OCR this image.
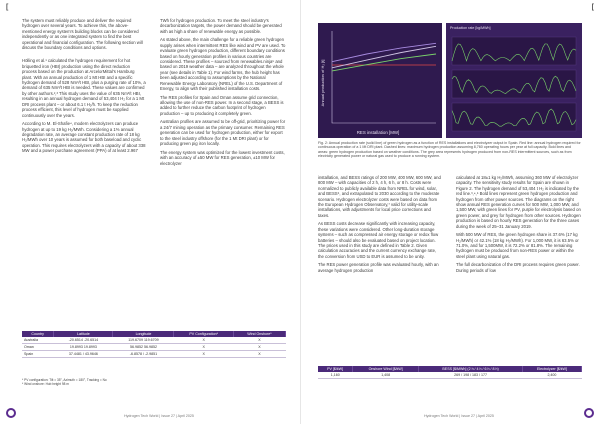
[

The system must reliably produce and deliver the required hydrogen over several years. To achieve this, the above-mentioned energy system's building blocks can be considered independently or as one integrated system to find the best operational and financial configuration. The following section will discuss the boundary conditions and options.

Hölling et al.¹ calculated the hydrogen requirement for hot briquetted iron (HBI) production using the direct reduction process based on the production at ArcelorMittal's Hamburg plant. With an annual production of 1 Mt HBI and a specific hydrogen demand of 528 Nm³/t HBI, plus a purging rate of 10%, a demand of 635 Nm³/t HBI is needed. These values are confirmed by other authors.²,³ This study uses the value of 635 Nm³/t HBI, resulting in an annual hydrogen demand of 53,404 t H₂ for a 1 Mt DRI process plant – or about 6.1 t H₂/h. To keep the reduction process efficient, this level of hydrogen must be supplied continuously over the years.

According to M. El-Shafie⁴, modern electrolyzers can produce hydrogen at up to 19 kg H₂/MWh. Considering a 1% annual degradation rate, an average constant production rate of 18 kg H₂/MWh over 10 years is assumed for both baseload and cyclic operation. This requires electrolyzers with a capacity of about 338 MW and a power purchase agreement (PPA) of at least 2.967

TWh for hydrogen production. To meet the steel industry's decarbonization targets, the power demand should be generated with as high a share of renewable energy as possible.

As stated above, the main challenge for a reliable green hydrogen supply arises when intermittent RES like wind and PV are used. To evaluate green hydrogen production, different boundary conditions based on hourly generation profiles in various countries are considered. These profiles – sourced from renewables.ninja⁵ and based on 2019 weather data – are analyzed throughout the whole year (see details in Table 1). For wind farms, the hub height has been adjusted according to assumptions by the National Renewable Energy Laboratory (NREL) of the U.S. Department of Energy, to align with their published installation costs.

The RES profiles for Spain and Oman assume grid connection, allowing the use of non-RES power. In a second stage, a BESS is added to further reduce the carbon footprint of hydrogen production – up to producing it completely green.

Australian profiles are assumed to be off-grid, prioritizing power for a 24/7 mining operation as the primary consumer. Remaining RES generation can be used for hydrogen production, either for export to the steel industry offshore (for the 1 Mt DRI plant) or for producing green pig iron locally.

The energy system was optimized for the lowest investment costs, with an accuracy of ±50 MW for RES generation, ±10 MW for electrolyzer

Country	Latitude	Longitude	PV Configuration*	Wind Onshore*
Australia	-20.6514 -20.6514	119.6709 119.6709	X	X
Oman	19.8993 19.8993	56.9852 56.9852	X	X
Spain	37.4481 / 43.9646	-6.8578 / -2.9851	X	X
* PV configuration: Tilt = 35°, Azimuth = 180°, Tracking = No
* Wind onshore: Hub height 98 m
Hydrogen Tech World | Issue 27 | April 2025
[
Annual production of H₂ [t]
RES installation [MW]
Production rate [kg/MWh]
Fig. 2: Annual production rate (solid line) of green hydrogen as a function of RES installations and electrolyzer output in Spain. Red line: annual hydrogen required for continuous operation of a 1 Mt DRI plant. Dashed lines: maximum hydrogen production assuming 8,760 operating hours per year at full capacity. Bold lines and areas: green hydrogen production based on weather conditions. The grey area represents hydrogen produced from non-RES intermittent sources, such as from electricity generated power or natural gas used to produce a running system.

installation, and BESS ratings of 200 MW, 400 MW, 600 MW, and 800 MW – with capacities of 2 h, 4 h, 6 h, or 8 h. Costs were normalized to publicly available data from NREL for wind, solar, and BESS⁶, and extrapolated to 2030 according to the moderate scenario. Hydrogen electrolyzer costs were based on data from the European Hydrogen Observatory,⁷ valid for utility-scale installations, with adjustments for local price corrections and taxes.

As BESS costs decrease significantly with increasing capacity, these variations were considered. Other long-duration storage systems – such as compressed air energy storage or redox flow batteries – should also be evaluated based on project location. The prices used in this study are defined in Table 2. Given calculation accuracies and the current currency exchange rate, the conversion from USD to EUR is assumed to be unity.

The RES power generation profile was evaluated hourly, with an average hydrogen production

calculated at 18±1 kg H₂/MWh, assuming 360 MW of electrolyzer capacity. The sensitivity study results for Spain are shown in Figure 2. The hydrogen demand of 53,404 t H₂ is indicated by the red line.³,⁴,⁵ Bold lines represent green hydrogen production and hydrogen from other power sources. The diagrams on the right show annual RES generation curves for 500 MW, 1,000 MW, and 1,500 MW, with green lines for PV, purple for electrolysis based on green power, and grey for hydrogen from other sources. Hydrogen production is based on hourly RES generation for the three cases during the week of 25–31 January 2019.

With 500 MW of RES, the green hydrogen share is 37.6% (17 kg H₂/MWh) or 42.1% (18 kg H₂/MWh). For 1,000 MW, it is 63.5% or 71.0%, and for 1,500MW, it is 72.2% or 81.8%. The remaining hydrogen must be produced from non-RES power or within the steel plant using natural gas.

The full decarbonization of the DRI process requires green power. During periods of low

PV [$/kW]	Onshore Wind [$/kW]	BESS [$/MWh] (2 h / 4 h / 6 h / 8 h)	Electrolyzer [$/kW]
1,160	1,408	269 / 198 / 183 / 177	2,400
Hydrogen Tech World | Issue 27 | April 2025
